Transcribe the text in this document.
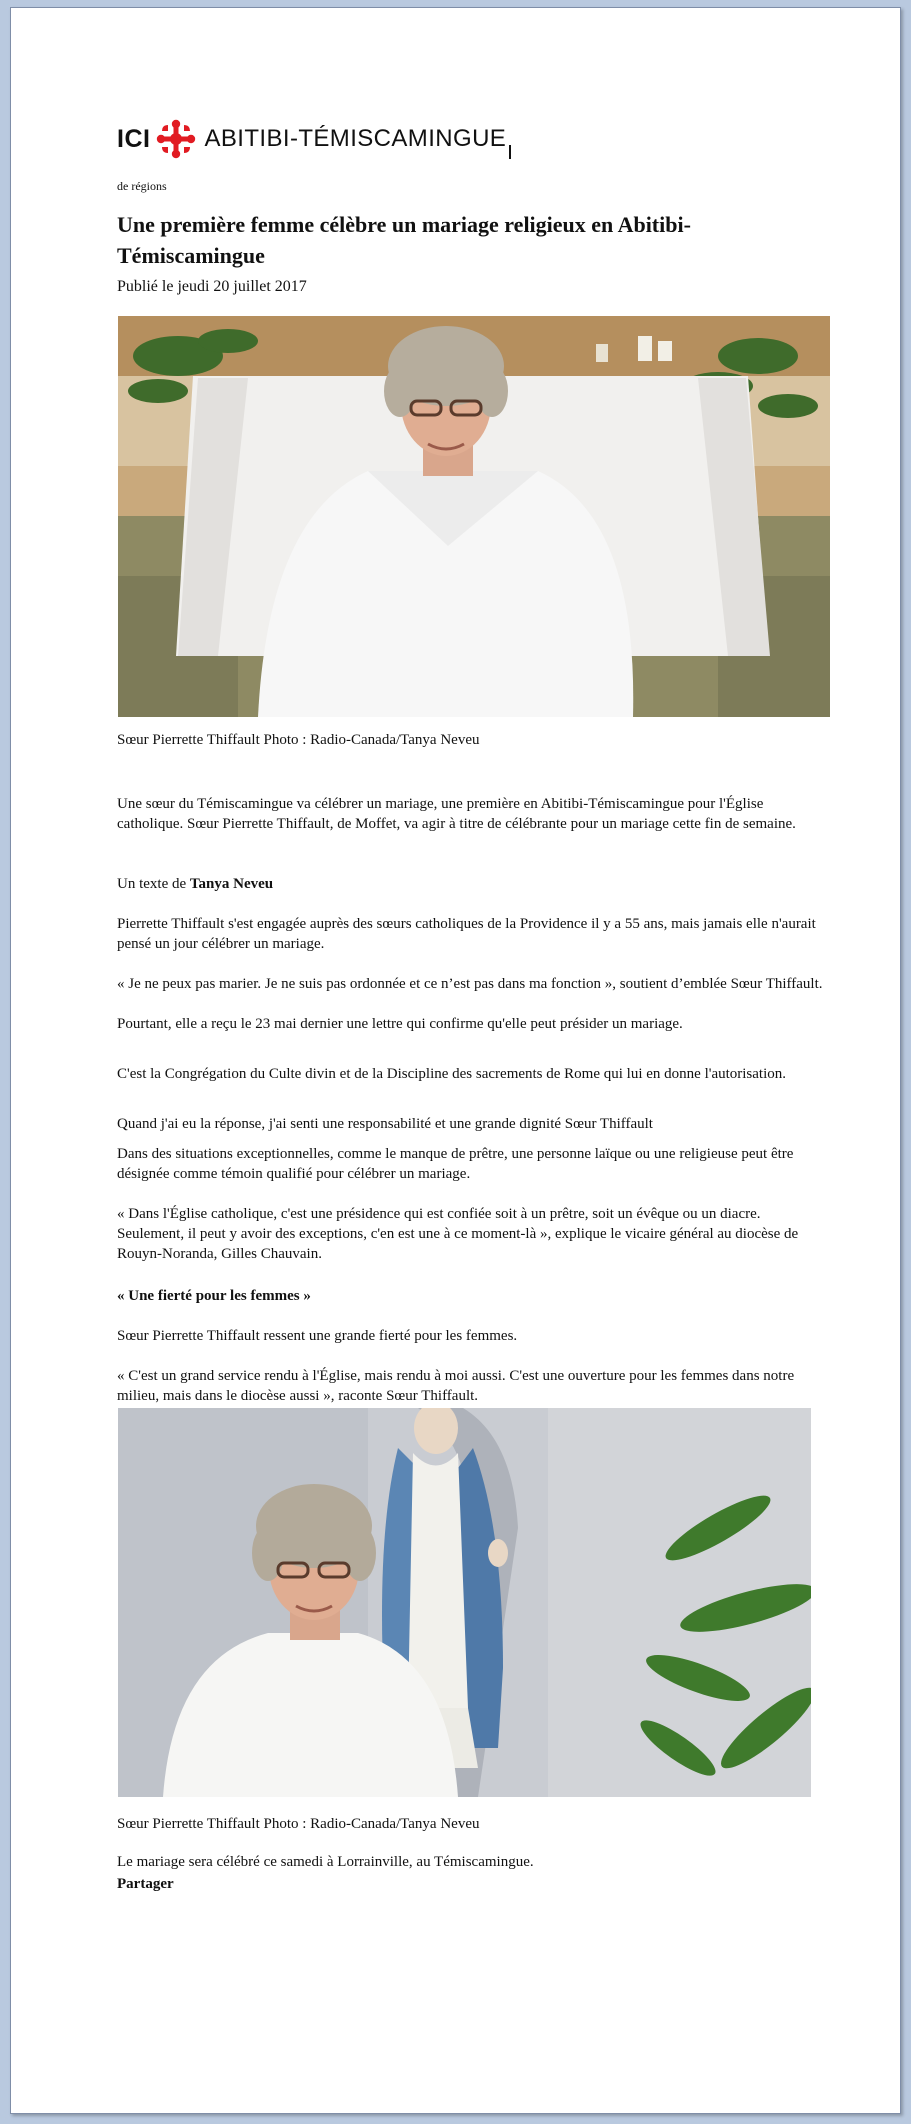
ICI ABITIBI-TÉMISCAMINGUE
de régions
Une première femme célèbre un mariage religieux en Abitibi-Témiscamingue
Publié le jeudi 20 juillet 2017

Sœur Pierrette Thiffault Photo : Radio-Canada/Tanya Neveu

Une sœur du Témiscamingue va célébrer un mariage, une première en Abitibi-Témiscamingue pour l'Église catholique. Sœur Pierrette Thiffault, de Moffet, va agir à titre de célébrante pour un mariage cette fin de semaine.

Un texte de Tanya Neveu

Pierrette Thiffault s'est engagée auprès des sœurs catholiques de la Providence il y a 55 ans, mais jamais elle n'aurait pensé un jour célébrer un mariage.

« Je ne peux pas marier. Je ne suis pas ordonnée et ce n’est pas dans ma fonction », soutient d’emblée Sœur Thiffault.

Pourtant, elle a reçu le 23 mai dernier une lettre qui confirme qu'elle peut présider un mariage.

C'est la Congrégation du Culte divin et de la Discipline des sacrements de Rome qui lui en donne l'autorisation.

Quand j'ai eu la réponse, j'ai senti une responsabilité et une grande dignité Sœur Thiffault

Dans des situations exceptionnelles, comme le manque de prêtre, une personne laïque ou une religieuse peut être désignée comme témoin qualifié pour célébrer un mariage.

« Dans l'Église catholique, c'est une présidence qui est confiée soit à un prêtre, soit un évêque ou un diacre. Seulement, il peut y avoir des exceptions, c'en est une à ce moment-là », explique le vicaire général au diocèse de Rouyn-Noranda, Gilles Chauvain.

« Une fierté pour les femmes »

Sœur Pierrette Thiffault ressent une grande fierté pour les femmes.

« C'est un grand service rendu à l'Église, mais rendu à moi aussi. C'est une ouverture pour les femmes dans notre milieu, mais dans le diocèse aussi », raconte Sœur Thiffault.

Sœur Pierrette Thiffault Photo : Radio-Canada/Tanya Neveu

Le mariage sera célébré ce samedi à Lorrainville, au Témiscamingue.

Partager
